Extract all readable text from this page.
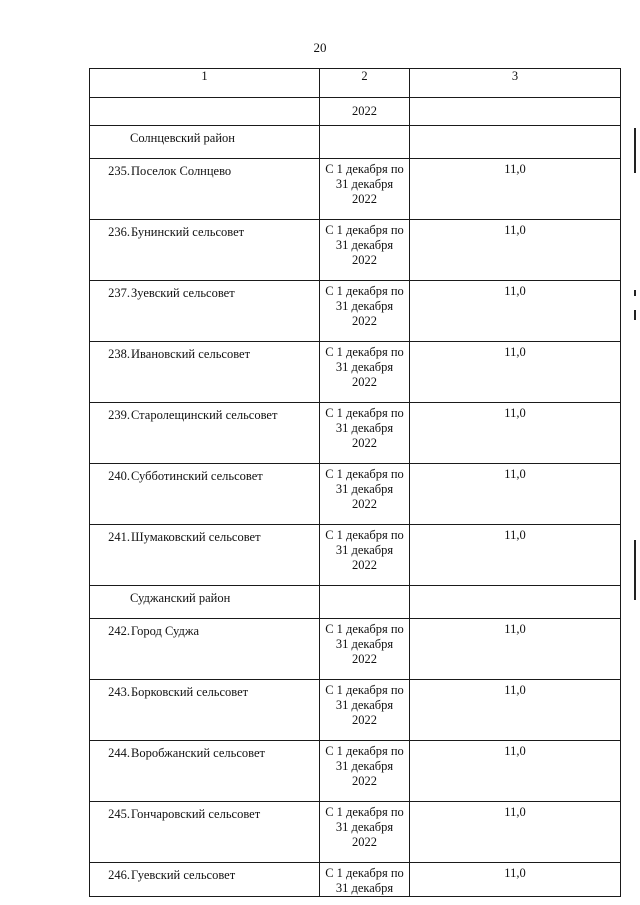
20
1	2	3
	2022	
Солнцевский район		
235.Поселок Солнцево	С 1 декабря по
31 декабря
2022	11,0
236.Бунинский сельсовет	С 1 декабря по
31 декабря
2022	11,0
237.Зуевский сельсовет	С 1 декабря по
31 декабря
2022	11,0
238.Ивановский сельсовет	С 1 декабря по
31 декабря
2022	11,0
239.Старолещинский сельсовет	С 1 декабря по
31 декабря
2022	11,0
240.Субботинский сельсовет	С 1 декабря по
31 декабря
2022	11,0
241.Шумаковский сельсовет	С 1 декабря по
31 декабря
2022	11,0
Суджанский район		
242.Город Суджа	С 1 декабря по
31 декабря
2022	11,0
243.Борковский сельсовет	С 1 декабря по
31 декабря
2022	11,0
244.Воробжанский сельсовет	С 1 декабря по
31 декабря
2022	11,0
245.Гончаровский сельсовет	С 1 декабря по
31 декабря
2022	11,0
246.Гуевский сельсовет	С 1 декабря по
31 декабря	11,0
